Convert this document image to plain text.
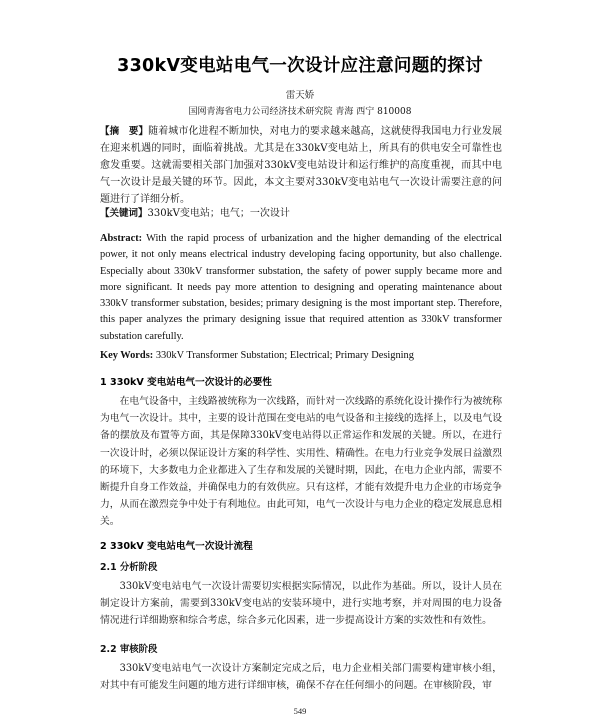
330kV变电站电气一次设计应注意问题的探讨
雷天娇
国网青海省电力公司经济技术研究院 青海 西宁 810008
【摘　要】随着城市化进程不断加快，对电力的要求越来越高，这就使得我国电力行业发展在迎来机遇的同时，面临着挑战。尤其是在330kV变电站上，所具有的供电安全可靠性也愈发重要。这就需要相关部门加强对330kV变电站设计和运行维护的高度重视，而其中电气一次设计是最关键的环节。因此，本文主要对330kV变电站电气一次设计需要注意的问题进行了详细分析。
【关键词】330kV变电站；电气；一次设计
Abstract: With the rapid process of urbanization and the higher demanding of the electrical power, it not only means electrical industry developing facing opportunity, but also challenge. Especially about 330kV transformer substation, the safety of power supply became more and more significant. It needs pay more attention to designing and operating maintenance about 330kV transformer substation, besides; primary designing is the most important step. Therefore, this paper analyzes the primary designing issue that required attention as 330kV transformer substation carefully.
Key Words: 330kV Transformer Substation; Electrical; Primary Designing
1 330kV 变电站电气一次设计的必要性
在电气设备中，主线路被统称为一次线路，而针对一次线路的系统化设计操作行为被统称为电气一次设计。其中，主要的设计范围在变电站的电气设备和主接线的选择上，以及电气设备的摆放及布置等方面，其是保障330kV变电站得以正常运作和发展的关键。所以，在进行一次设计时，必须以保证设计方案的科学性、实用性、精确性。在电力行业竞争发展日益激烈的环境下，大多数电力企业都进入了生存和发展的关键时期，因此，在电力企业内部，需要不断提升自身工作效益，并确保电力的有效供应。只有这样，才能有效提升电力企业的市场竞争力，从而在激烈竞争中处于有利地位。由此可知，电气一次设计与电力企业的稳定发展息息相关。
2 330kV 变电站电气一次设计流程
2.1 分析阶段
330kV变电站电气一次设计需要切实根据实际情况，以此作为基础。所以，设计人员在制定设计方案前，需要到330kV变电站的安装环境中，进行实地考察，并对周围的电力设备情况进行详细勘察和综合考虑，综合多元化因素，进一步提高设计方案的实效性和有效性。
2.2 审核阶段
330kV变电站电气一次设计方案制定完成之后，电力企业相关部门需要构建审核小组，对其中有可能发生问题的地方进行详细审核，确保不存在任何细小的问题。在审核阶段，审
549
